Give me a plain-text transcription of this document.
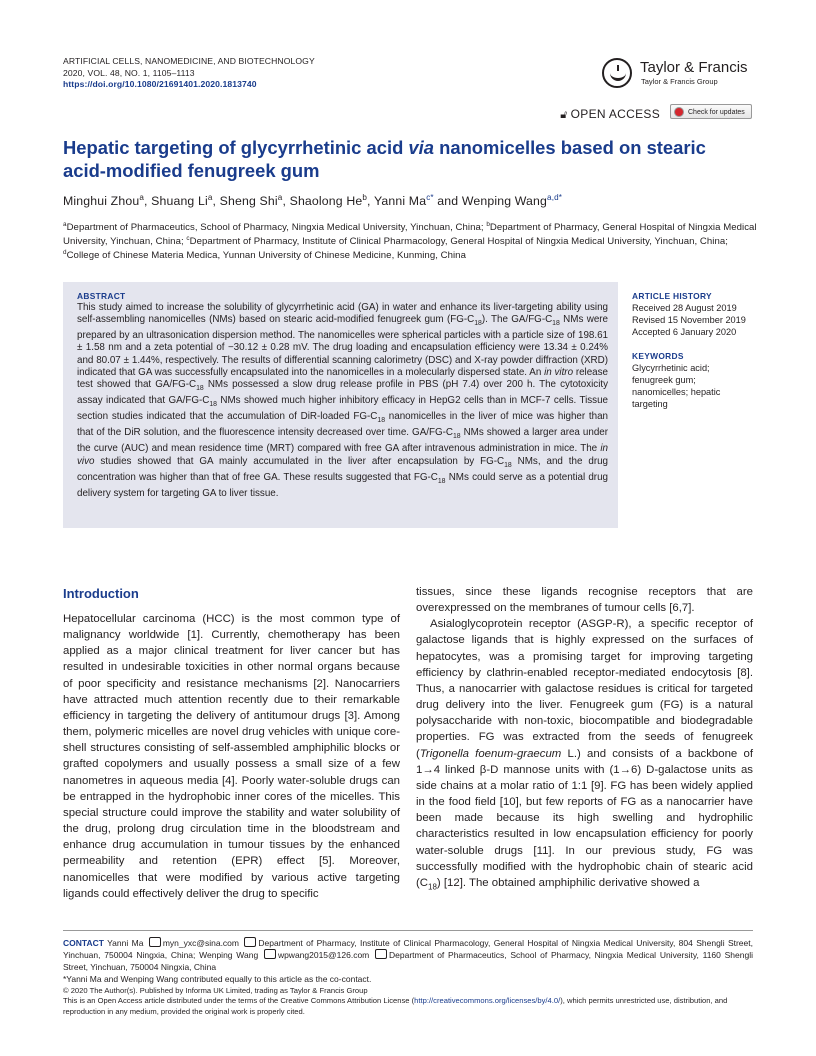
ARTIFICIAL CELLS, NANOMEDICINE, AND BIOTECHNOLOGY
2020, VOL. 48, NO. 1, 1105–1113
https://doi.org/10.1080/21691401.2020.1813740
Taylor & Francis
Taylor & Francis Group
🔓︎ OPEN ACCESS	Check for updates
Hepatic targeting of glycyrrhetinic acid via nanomicelles based on stearic acid-modified fenugreek gum
Minghui Zhou$^a$, Shuang Li$^a$, Sheng Shi$^a$, Shaolong He$^b$, Yanni $Ma^{c*}$ and Wenping Wang$^{a,d*}$
$^a$Department of Pharmaceutics, School of Pharmacy, Ningxia Medical University, Yinchuan, China; $^b$Department of Pharmacy, General Hospital of Ningxia Medical University, Yinchuan, China; $^c$Department of Pharmacy, Institute of Clinical Pharmacology, General Hospital of Ningxia Medical University, Yinchuan, China; $^d$College of Chinese Materia Medica, Yunnan University of Chinese Medicine, Kunming, China
ABSTRACT
This study aimed to increase the solubility of glycyrrhetinic acid (GA) in water and enhance its liver-targeting ability using self-assembling nanomicelles (NMs) based on stearic acid-modified fenugreek gum $(FG-C_{18})$. The $GA/FG-C_{18}$ NMs were prepared by an ultrasonication dispersion method. The nanomicelles were spherical particles with a particle size of 198.61 ± 1.58 nm and a zeta potential of −30.12 ± 0.28 mV. The drug loading and encapsulation efficiency were 13.34 ± 0.24% and 80.07 ± 1.44%, respectively. The results of differential scanning calorimetry (DSC) and X-ray powder diffraction (XRD) indicated that GA was successfully encapsulated into the nanomicelles in a molecularly dispersed state. An in vitro release test showed that $GA/FG-C_{18}$ NMs possessed a slow drug release profile in PBS (pH 7.4) over 200 h. The cytotoxicity assay indicated that $GA/FG-C_{18}$ NMs showed much higher inhibitory efficacy in HepG2 cells than in MCF-7 cells. Tissue section studies indicated that the accumulation of DiR-loaded $FG-C_{18}$ nanomicelles in the liver of mice was higher than that of the DiR solution, and the fluorescence intensity decreased over time. $GA/FG-C_{18}$ NMs showed a larger area under the curve (AUC) and mean residence time (MRT) compared with free GA after intravenous administration in mice. The in vivo studies showed that GA mainly accumulated in the liver after encapsulation by $FG-C_{18}$ NMs, and the drug concentration was higher than that of free GA. These results suggested that $FG-C_{18}$ NMs could serve as a potential drug delivery system for targeting GA to liver tissue.
ARTICLE HISTORY
Received 28 August 2019
Revised 15 November 2019
Accepted 6 January 2020
KEYWORDS
Glycyrrhetinic acid; fenugreek gum; nanomicelles; hepatic targeting
Introduction
Hepatocellular carcinoma (HCC) is the most common type of malignancy worldwide [1]. Currently, chemotherapy has been applied as a major clinical treatment for liver cancer but has resulted in undesirable toxicities in other normal organs because of poor specificity and resistance mechanisms [2]. Nanocarriers have attracted much attention recently due to their remarkable efficiency in targeting the delivery of antitumour drugs [3]. Among them, polymeric micelles are novel drug vehicles with unique core-shell structures consisting of self-assembled amphiphilic blocks or grafted copolymers and usually possess a small size of a few nanometres in aqueous media [4]. Poorly water-soluble drugs can be entrapped in the hydrophobic inner cores of the micelles. This special structure could improve the stability and water solubility of the drug, prolong drug circulation time in the bloodstream and enhance drug accumulation in tumour tissues by the enhanced permeability and retention (EPR) effect [5]. Moreover, nanomicelles that were modified by various active targeting ligands could effectively deliver the drug to specific
tissues, since these ligands recognise receptors that are overexpressed on the membranes of tumour cells [6,7].
Asialoglycoprotein receptor (ASGP-R), a specific receptor of galactose ligands that is highly expressed on the surfaces of hepatocytes, was a promising target for improving targeting efficiency by clathrin-enabled receptor-mediated endocytosis [8]. Thus, a nanocarrier with galactose residues is critical for targeted drug delivery into the liver. Fenugreek gum (FG) is a natural polysaccharide with non-toxic, biocompatible and biodegradable properties. FG was extracted from the seeds of fenugreek (Trigonella foenum-graecum L.) and consists of a backbone of 1→4 linked β-D mannose units with (1→6) D-galactose units as side chains at a molar ratio of 1:1 [9]. FG has been widely applied in the food field [10], but few reports of FG as a nanocarrier have been made because its high swelling and hydrophilic characteristics resulted in low encapsulation efficiency for poorly water-soluble drugs [11]. In our previous study, FG was successfully modified with the hydrophobic chain of stearic acid $(C_{18})$ [12]. The obtained amphiphilic derivative showed a
CONTACT Yanni Ma myn_yxc@sina.com Department of Pharmacy, Institute of Clinical Pharmacology, General Hospital of Ningxia Medical University, 804 Shengli Street, Yinchuan, 750004 Ningxia, China; Wenping Wang wpwang2015@126.com Department of Pharmaceutics, School of Pharmacy, Ningxia Medical University, 1160 Shengli Street, Yinchuan, 750004 Ningxia, China
*Yanni Ma and Wenping Wang contributed equally to this article as the co-contact.
© 2020 The Author(s). Published by Informa UK Limited, trading as Taylor & Francis Group
This is an Open Access article distributed under the terms of the Creative Commons Attribution License (http://creativecommons.org/licenses/by/4.0/), which permits unrestricted use, distribution, and reproduction in any medium, provided the original work is properly cited.
